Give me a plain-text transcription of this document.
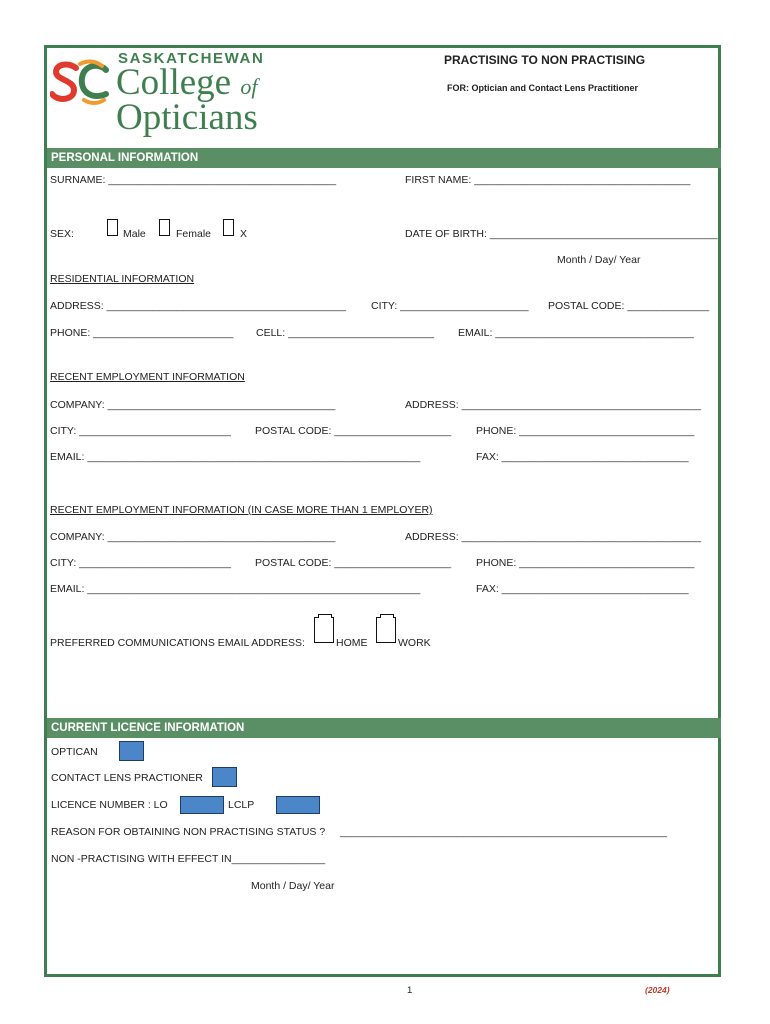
SASKATCHEWAN
College of
Opticians
PRACTISING TO NON PRACTISING
FOR: Optician and Contact Lens Practitioner
PERSONAL INFORMATION
SURNAME: _______________________________________	FIRST NAME: _____________________________________
SEX:	Male	Female	X	DATE OF BIRTH: _______________________________________
Month / Day/ Year
RESIDENTIAL INFORMATION
ADDRESS: _________________________________________ CITY: ______________________ POSTAL CODE: ______________
PHONE: ________________________ CELL: _________________________ EMAIL: __________________________________
RECENT EMPLOYMENT INFORMATION
COMPANY: _______________________________________	ADDRESS: _________________________________________
CITY: __________________________ POSTAL CODE: ____________________ PHONE: ______________________________
EMAIL: _________________________________________________________	FAX: ________________________________
RECENT EMPLOYMENT INFORMATION (IN CASE MORE THAN 1 EMPLOYER)
COMPANY: _______________________________________	ADDRESS: _________________________________________
CITY: __________________________ POSTAL CODE: ____________________ PHONE: ______________________________
EMAIL: _________________________________________________________	FAX: ________________________________
PREFERRED COMMUNICATIONS EMAIL ADDRESS:	HOME	WORK
CURRENT LICENCE INFORMATION
OPTICAN
CONTACT LENS PRACTIONER
LICENCE NUMBER : LO	LCLP
REASON FOR OBTAINING NON PRACTISING STATUS ? ________________________________________________________
NON -PRACTISING WITH EFFECT IN________________
Month / Day/ Year
1	(2024)
